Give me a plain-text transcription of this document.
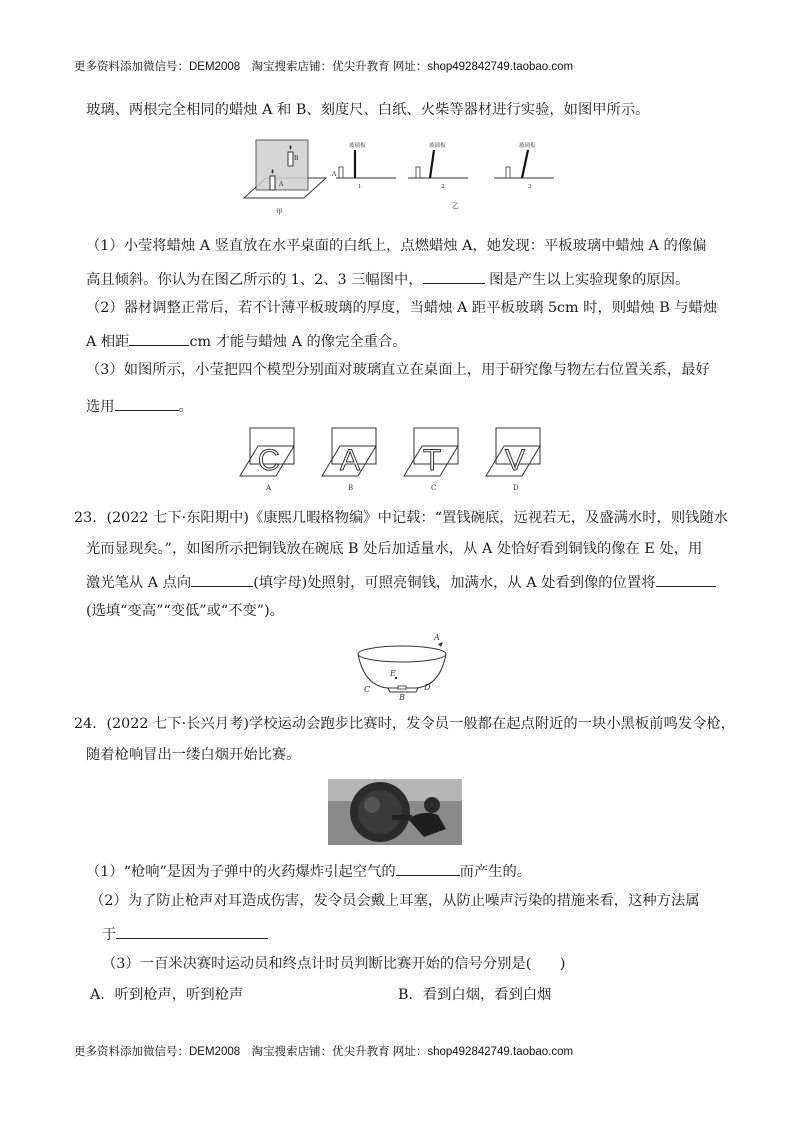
更多资料添加微信号：DEM2008　淘宝搜索店铺：优尖升教育 网址：shop492842749.taobao.com
玻璃、两根完全相同的蜡烛 A 和 B、刻度尺、白纸、火柴等器材进行实验，如图甲所示。
B
A
甲
A
玻璃板
1
玻璃板
2
乙
玻璃板
3
（1）小莹将蜡烛 A 竖直放在水平桌面的白纸上，点燃蜡烛 A，她发现：平板玻璃中蜡烛 A 的像偏
高且倾斜。你认为在图乙所示的 1、2、3 三幅图中，	图是产生以上实验现象的原因。
（2）器材调整正常后，若不计薄平板玻璃的厚度，当蜡烛 A 距平板玻璃 5cm 时，则蜡烛 B 与蜡烛
A 相距	cm 才能与蜡烛 A 的像完全重合。
（3）如图所示，小莹把四个模型分别面对玻璃直立在桌面上，用于研究像与物左右位置关系，最好
选用	。
C
A
A
B
T
C
V
D
23．(2022 七下·东阳期中)《康熙几暇格物编》中记载：“置钱碗底，远视若无，及盛满水时，则钱随水
光而显现矣。”，如图所示把铜钱放在碗底 B 处后加适量水，从 A 处恰好看到铜钱的像在 E 处，用
激光笔从 A 点向	(填字母)处照射，可照亮铜钱，加满水，从 A 处看到像的位置将
(选填“变高”“变低”或“不变”)。
A
E
C	D
B
24．(2022 七下·长兴月考)学校运动会跑步比赛时，发令员一般都在起点附近的一块小黑板前鸣发令枪，
随着枪响冒出一缕白烟开始比赛。
（1）“枪响”是因为子弹中的火药爆炸引起空气的	而产生的。
（2）为了防止枪声对耳造成伤害，发令员会戴上耳塞，从防止噪声污染的措施来看，这种方法属
于
（3）一百米决赛时运动员和终点计时员判断比赛开始的信号分别是(　　)
A．听到枪声，听到枪声	B．看到白烟，看到白烟
更多资料添加微信号：DEM2008　淘宝搜索店铺：优尖升教育 网址：shop492842749.taobao.com
